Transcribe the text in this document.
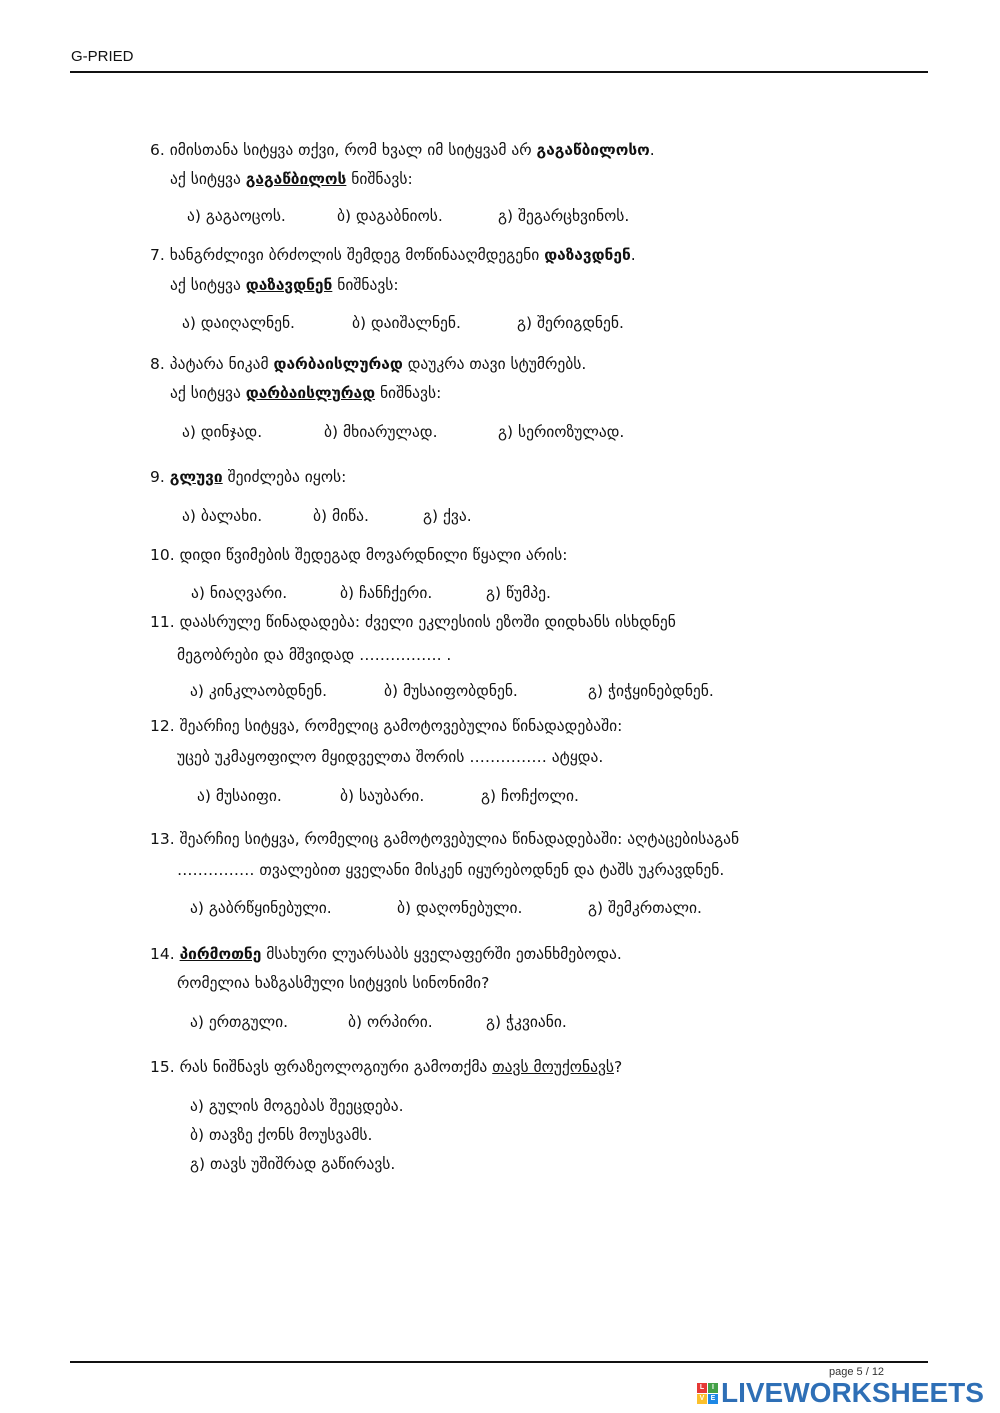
G-PRIED
6. იმისთანა სიტყვა თქვი, რომ ხვალ იმ სიტყვამ არ გაგაწბილოსო.
აქ სიტყვა გაგაწბილოს ნიშნავს:
ა) გაგაოცოს.	ბ) დაგაბნიოს.	გ) შეგარცხვინოს.
7. ხანგრძლივი ბრძოლის შემდეგ მოწინააღმდეგენი დაზავდნენ.
აქ სიტყვა დაზავდნენ ნიშნავს:
ა) დაიღალნენ.	ბ) დაიშალნენ.	გ) შერიგდნენ.
8. პატარა ნიკამ დარბაისლურად დაუკრა თავი სტუმრებს.
აქ სიტყვა დარბაისლურად ნიშნავს:
ა) დინჯად.	ბ) მხიარულად.	გ) სერიოზულად.
9. გლუვი შეიძლება იყოს:
ა) ბალახი.	ბ) მიწა.	გ) ქვა.
10. დიდი წვიმების შედეგად მოვარდნილი წყალი არის:
ა) ნიაღვარი.	ბ) ჩანჩქერი.	გ) წუმპე.
11. დაასრულე წინადადება: ძველი ეკლესიის ეზოში დიდხანს ისხდნენ
მეგობრები და მშვიდად ……………. .
ა) კინკლაობდნენ.	ბ) მუსაიფობდნენ.	გ) ჭიჭყინებდნენ.
12. შეარჩიე სიტყვა, რომელიც გამოტოვებულია წინადადებაში:
უცებ უკმაყოფილო მყიდველთა შორის …………… ატყდა.
ა) მუსაიფი.	ბ) საუბარი.	გ) ჩოჩქოლი.
13. შეარჩიე სიტყვა, რომელიც გამოტოვებულია წინადადებაში: აღტაცებისაგან
…………… თვალებით ყველანი მისკენ იყურებოდნენ და ტაშს უკრავდნენ.
ა) გაბრწყინებული.	ბ) დაღონებული.	გ) შემკრთალი.
14. პირმოთნე მსახური ლუარსაბს ყველაფერში ეთანხმებოდა.
რომელია ხაზგასმული სიტყვის სინონიმი?
ა) ერთგული.	ბ) ორპირი.	გ) ჭკვიანი.
15. რას ნიშნავს ფრაზეოლოგიური გამოთქმა თავს მოუქონავს?
ა) გულის მოგებას შეეცდება.
ბ) თავზე ქონს მოუსვამს.
გ) თავს უშიშრად გაწირავს.
page 5 / 12
L	I
V E LIVEWORKSHEETS
